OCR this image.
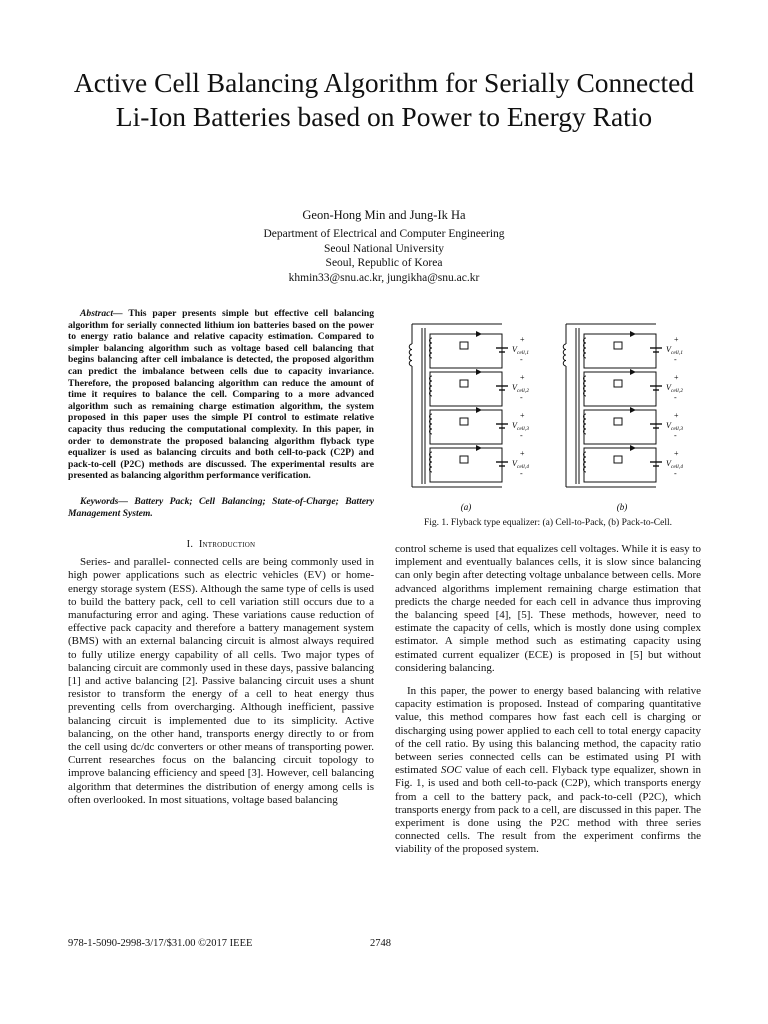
Active Cell Balancing Algorithm for Serially Connected Li-Ion Batteries based on Power to Energy Ratio
Geon-Hong Min and Jung-Ik Ha
Department of Electrical and Computer Engineering
Seoul National University
Seoul, Republic of Korea
khmin33@snu.ac.kr, jungikha@snu.ac.kr

Abstract— This paper presents simple but effective cell balancing algorithm for serially connected lithium ion batteries based on the power to energy ratio balance and relative capacity estimation. Compared to simpler balancing algorithm such as voltage based cell balancing that begins balancing after cell imbalance is detected, the proposed algorithm can predict the imbalance between cells due to capacity invariance. Therefore, the proposed balancing algorithm can reduce the amount of time it requires to balance the cell. Comparing to a more advanced algorithm such as remaining charge estimation algorithm, the system proposed in this paper uses the simple PI control to estimate relative capacity thus reducing the computational complexity. In this paper, in order to demonstrate the proposed balancing algorithm flyback type equalizer is used as balancing circuits and both cell-to-pack (C2P) and pack-to-cell (P2C) methods are discussed. The experimental results are presented as balancing algorithm performance verification.

Keywords— Battery Pack; Cell Balancing; State-of-Charge; Battery Management System.

I. Introduction

Series- and parallel- connected cells are being commonly used in high power applications such as electric vehicles (EV) or home- energy storage system (ESS). Although the same type of cells is used to build the battery pack, cell to cell variation still occurs due to a manufacturing error and aging. These variations cause reduction of effective pack capacity and therefore a battery management system (BMS) with an external balancing circuit is almost always required to fully utilize energy capability of all cells. Two major types of balancing circuit are commonly used in these days, passive balancing [1] and active balancing [2]. Passive balancing circuit uses a shunt resistor to transform the energy of a cell to heat energy thus preventing cells from overcharging. Although inefficient, passive balancing circuit is implemented due to its simplicity. Active balancing, on the other hand, transports energy directly to or from the cell using dc/dc converters or other means of transporting power. Current researches focus on the balancing circuit topology to improve balancing efficiency and speed [3]. However, cell balancing algorithm that determines the distribution of energy among cells is often overlooked. In most situations, voltage based balancing

$V_{cell,1}$
+
-
$V_{cell,2}$
+
-
$V_{cell,3}$
+
-
$V_{cell,4}$
+
-
$V_{cell,1}$
+
-
$V_{cell,2}$
+
-
$V_{cell,3}$
+
-
$V_{cell,4}$
+
-
(a)	(b)
Fig. 1. Flyback type equalizer: (a) Cell-to-Pack, (b) Pack-to-Cell.

control scheme is used that equalizes cell voltages. While it is easy to implement and eventually balances cells, it is slow since balancing can only begin after detecting voltage unbalance between cells. More advanced algorithms implement remaining charge estimation that predicts the charge needed for each cell in advance thus improving the balancing speed [4], [5]. These methods, however, need to estimate the capacity of cells, which is mostly done using complex estimator. A simple method such as estimating capacity using estimated current equalizer (ECE) is proposed in [5] but without considering balancing.

In this paper, the power to energy based balancing with relative capacity estimation is proposed. Instead of comparing quantitative value, this method compares how fast each cell is charging or discharging using power applied to each cell to total energy capacity of the cell ratio. By using this balancing method, the capacity ratio between series connected cells can be estimated using PI with estimated SOC value of each cell. Flyback type equalizer, shown in Fig. 1, is used and both cell-to-pack (C2P), which transports energy from a cell to the battery pack, and pack-to-cell (P2C), which transports energy from pack to a cell, are discussed in this paper. The experiment is done using the P2C method with three series connected cells. The result from the experiment confirms the viability of the proposed system.

978-1-5090-2998-3/17/$31.00 ©2017 IEEE	2748
